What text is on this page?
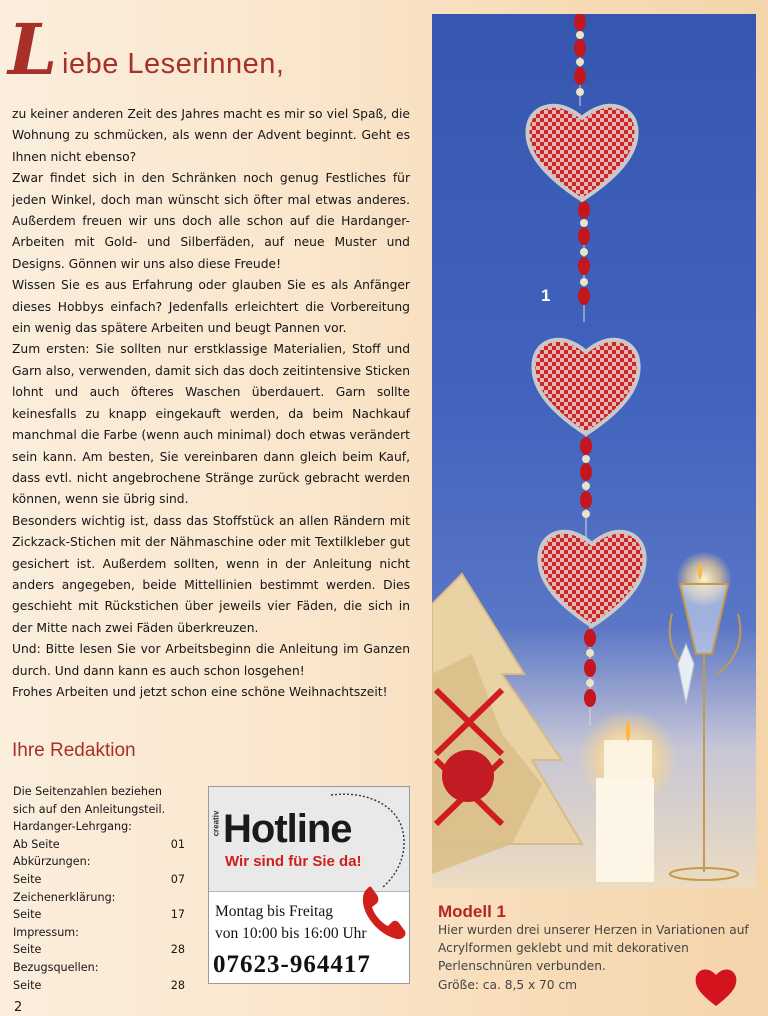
L iebe Leserinnen,

zu keiner anderen Zeit des Jahres macht es mir so viel Spaß, die Wohnung zu schmücken, als wenn der Advent beginnt. Geht es Ihnen nicht ebenso?

Zwar findet sich in den Schränken noch genug Festliches für jeden Winkel, doch man wünscht sich öfter mal etwas anderes. Außerdem freuen wir uns doch alle schon auf die Hardanger-Arbeiten mit Gold- und Silberfäden, auf neue Muster und Designs. Gönnen wir uns also diese Freude!

Wissen Sie es aus Erfahrung oder glauben Sie es als Anfänger dieses Hobbys einfach? Jedenfalls erleichtert die Vorbereitung ein wenig das spätere Arbeiten und beugt Pannen vor.

Zum ersten: Sie sollten nur erstklassige Materialien, Stoff und Garn also, verwenden, damit sich das doch zeitintensive Sticken lohnt und auch öfteres Waschen überdauert. Garn sollte keinesfalls zu knapp eingekauft werden, da beim Nachkauf manchmal die Farbe (wenn auch minimal) doch etwas verändert sein kann. Am besten, Sie vereinbaren dann gleich beim Kauf, dass evtl. nicht angebrochene Stränge zurück gebracht werden können, wenn sie übrig sind.

Besonders wichtig ist, dass das Stoffstück an allen Rändern mit Zickzack-Stichen mit der Nähmaschine oder mit Textilkleber gut gesichert ist. Außerdem sollten, wenn in der Anleitung nicht anders angegeben, beide Mittellinien bestimmt werden. Dies geschieht mit Rückstichen über jeweils vier Fäden, die sich in der Mitte nach zwei Fäden überkreuzen.

Und: Bitte lesen Sie vor Arbeitsbeginn die Anleitung im Ganzen durch. Und dann kann es auch schon losgehen!

Frohes Arbeiten und jetzt schon eine schöne Weihnachtszeit!

Ihre Redaktion
Die Seitenzahlen beziehen sich auf den Anleitungsteil.
Hardanger-Lehrgang:
Ab Seite	01
Abkürzungen:
Seite	07
Zeichenerklärung:
Seite	17
Impressum:
Seite	28
Bezugsquellen:
Seite	28
2
creativ Hotline
Wir sind für Sie da!
Montag bis Freitag
von 10:00 bis 16:00 Uhr
07623-964417
1
Modell 1
Hier wurden drei unserer Herzen in Variationen auf Acrylformen geklebt und mit dekorativen Perlenschnüren verbunden.
Größe: ca. 8,5 x 70 cm
